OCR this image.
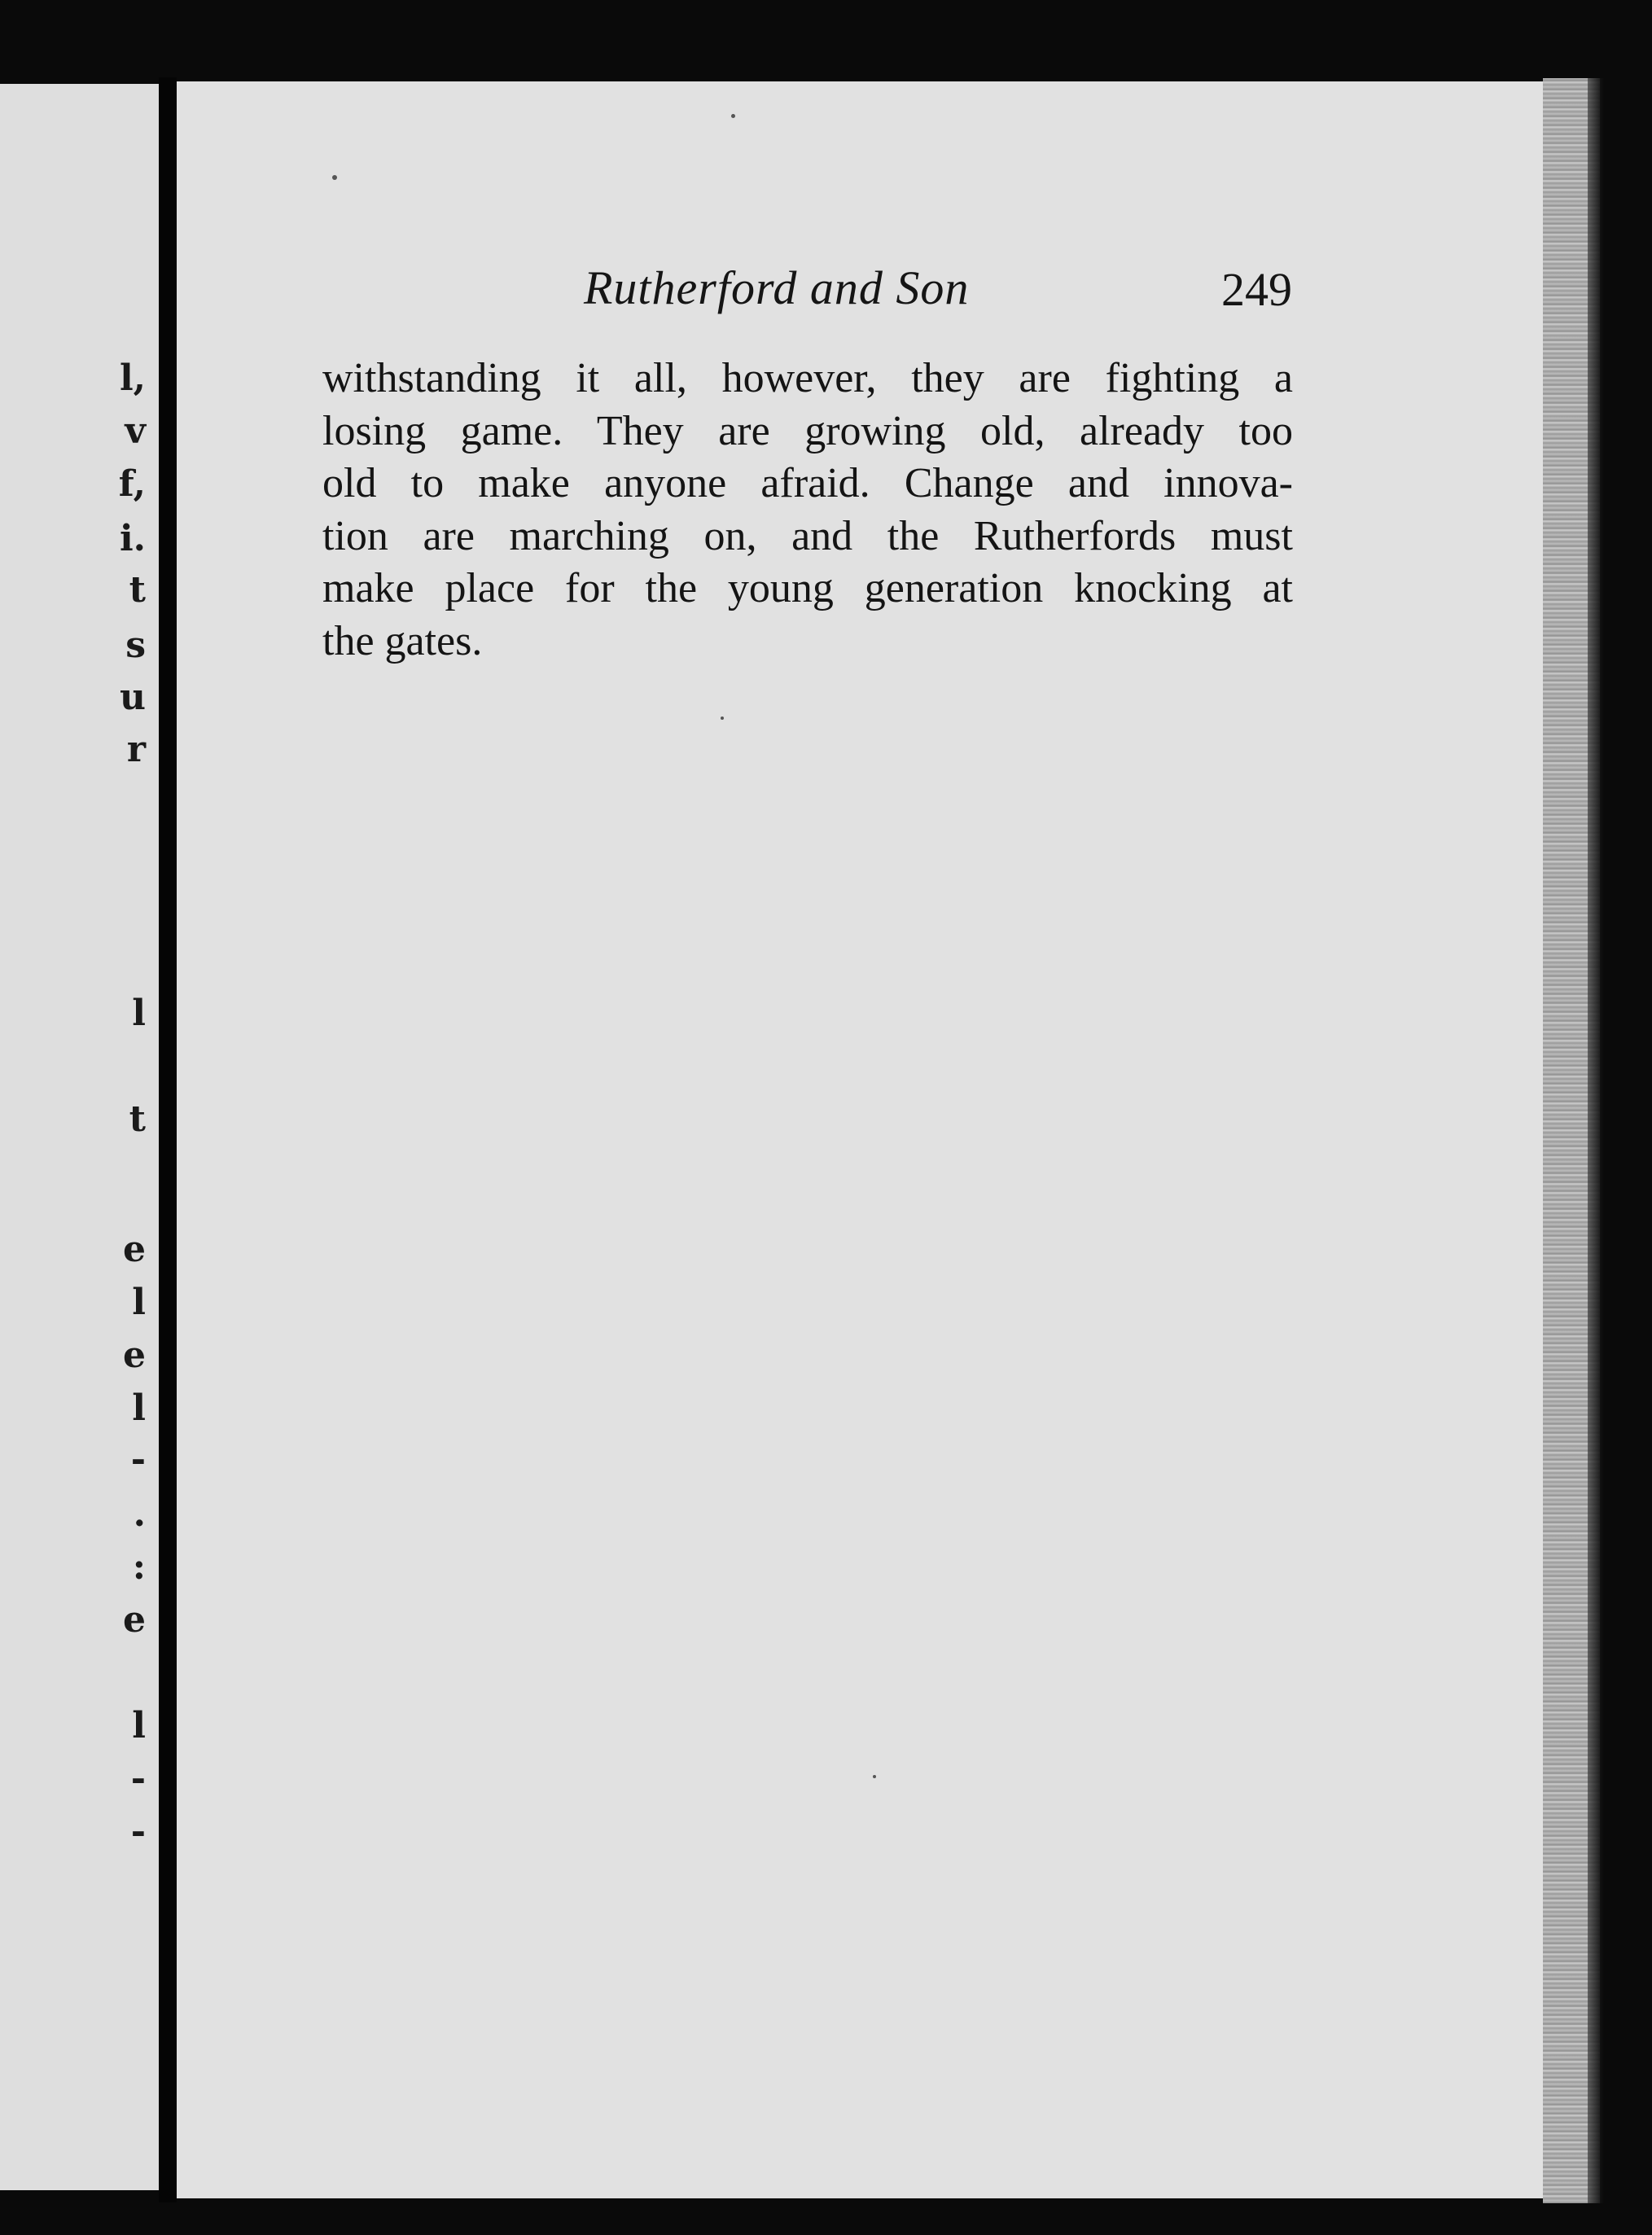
l,
v
f,
i.
t
s
u
r
l
t
e
l
e
l
-
.
:
e
l
-
-
Rutherford and Son	249
withstanding it all, however, they are fighting a
losing game. They are growing old, already too
old to make anyone afraid. Change and innova-
tion are marching on, and the Rutherfords must
make place for the young generation knocking at
the gates.
